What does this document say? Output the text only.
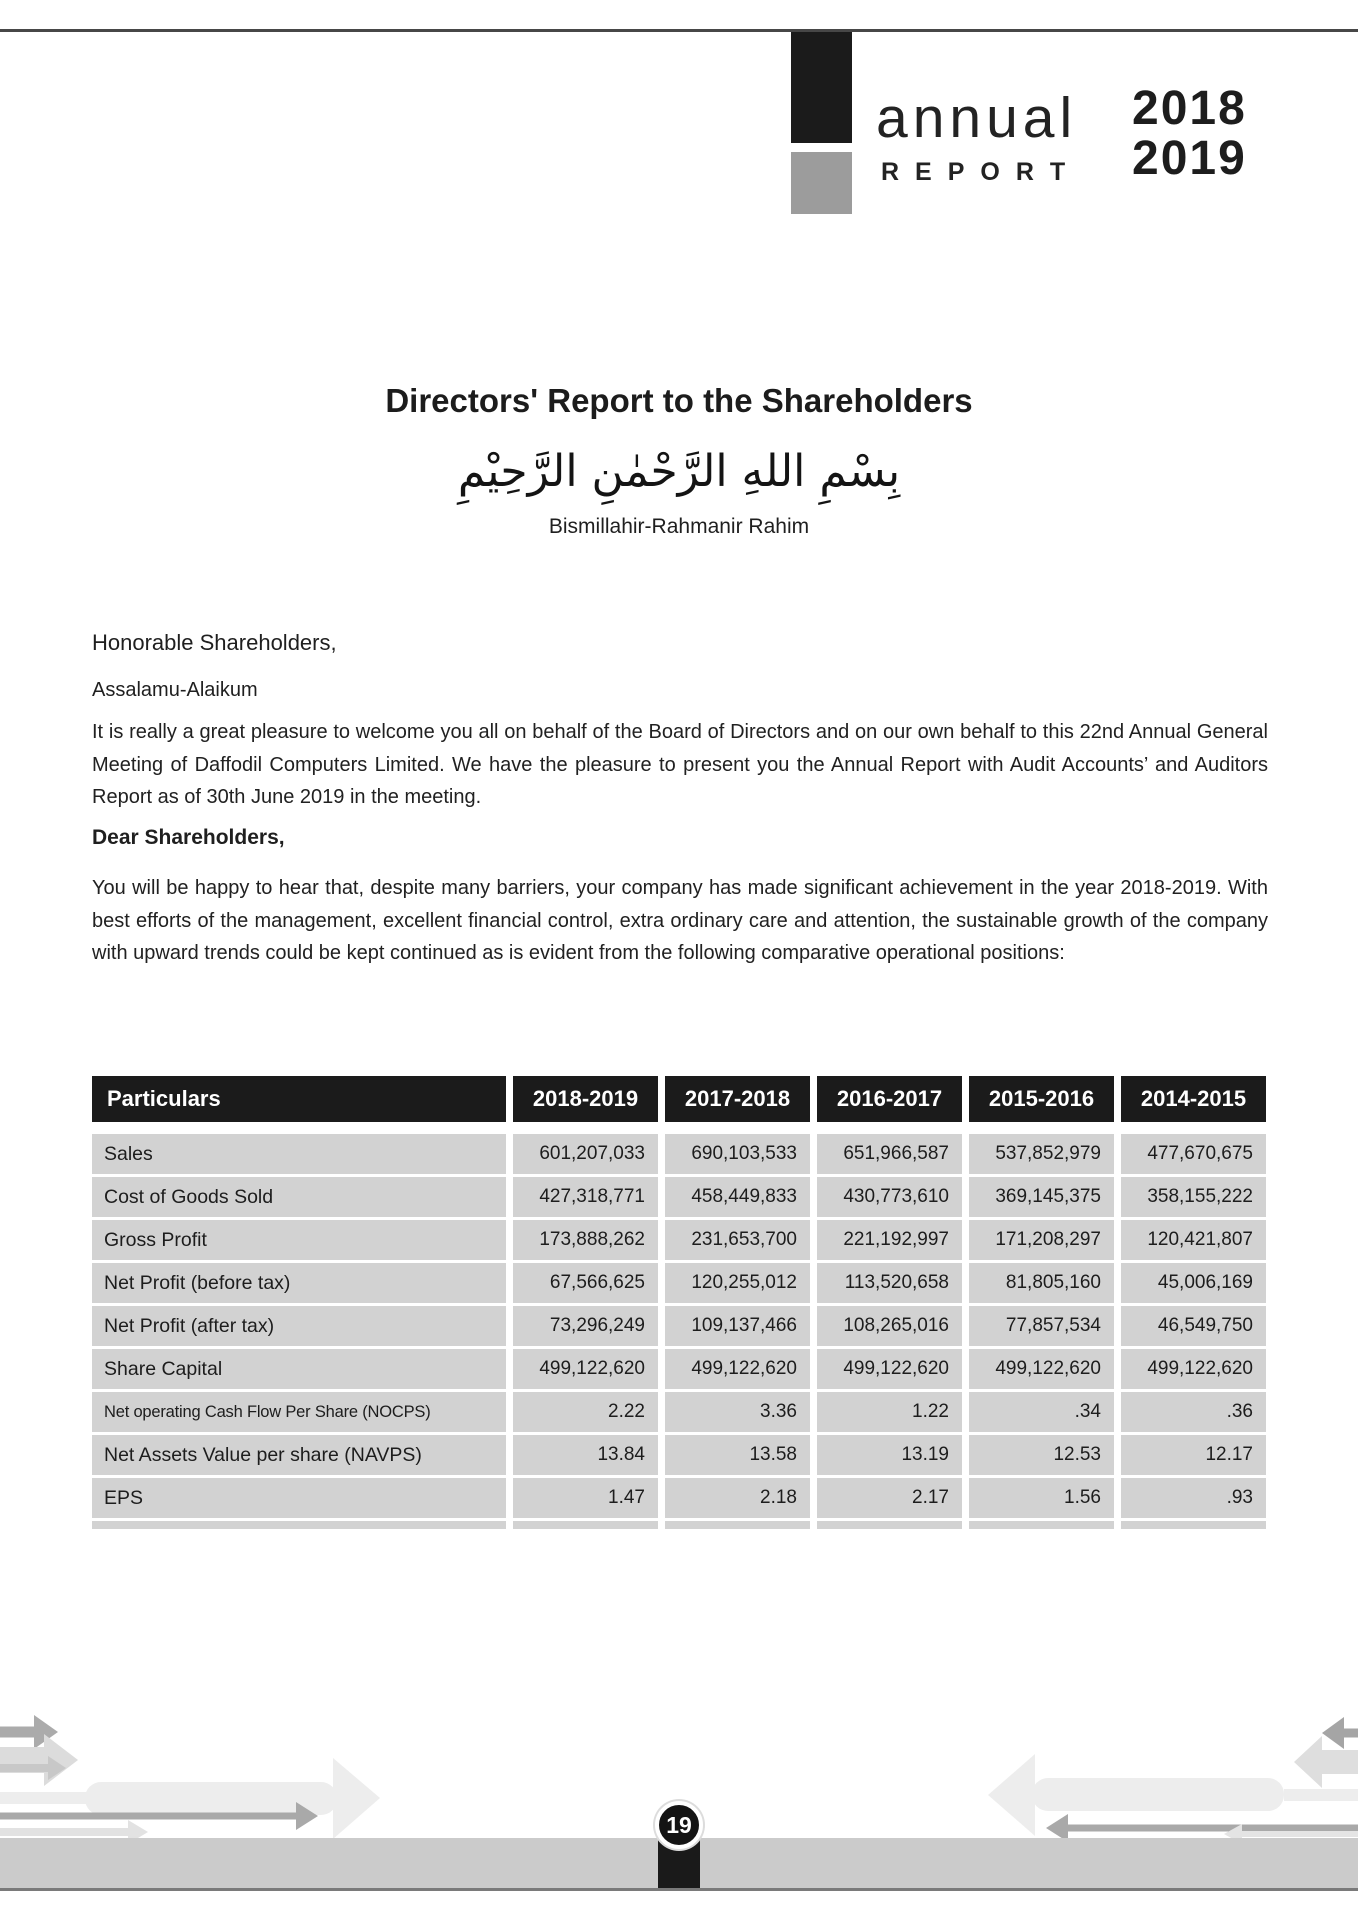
annual
REPORT
2018
2019
Directors' Report to the Shareholders
بِسْمِ اللهِ الرَّحْمٰنِ الرَّحِيْمِ
Bismillahir-Rahmanir Rahim
Honorable Shareholders,
Assalamu-Alaikum
It is really a great pleasure to welcome you all on behalf of the Board of Directors and on our own behalf to this 22nd Annual General Meeting of Daffodil Computers Limited. We have the pleasure to present you the Annual Report with Audit Accounts’ and Auditors Report as of 30th June 2019 in the meeting.
Dear Shareholders,
You will be happy to hear that, despite many barriers, your company has made significant achievement in the year 2018-2019. With best efforts of the management, excellent financial control, extra ordinary care and attention, the sustainable growth of the company with upward trends could be kept continued as is evident from the following comparative operational positions:
Particulars	2018-2019	2017-2018	2016-2017	2015-2016	2014-2015
Sales	601,207,033	690,103,533	651,966,587	537,852,979	477,670,675
Cost of Goods Sold	427,318,771	458,449,833	430,773,610	369,145,375	358,155,222
Gross Profit	173,888,262	231,653,700	221,192,997	171,208,297	120,421,807
Net Profit (before tax)	67,566,625	120,255,012	113,520,658	81,805,160	45,006,169
Net Profit (after tax)	73,296,249	109,137,466	108,265,016	77,857,534	46,549,750
Share Capital	499,122,620	499,122,620	499,122,620	499,122,620	499,122,620
Net operating Cash Flow Per Share (NOCPS)	2.22	3.36	1.22	.34	.36
Net Assets Value per share (NAVPS)	13.84	13.58	13.19	12.53	12.17
EPS	1.47	2.18	2.17	1.56	.93
19
